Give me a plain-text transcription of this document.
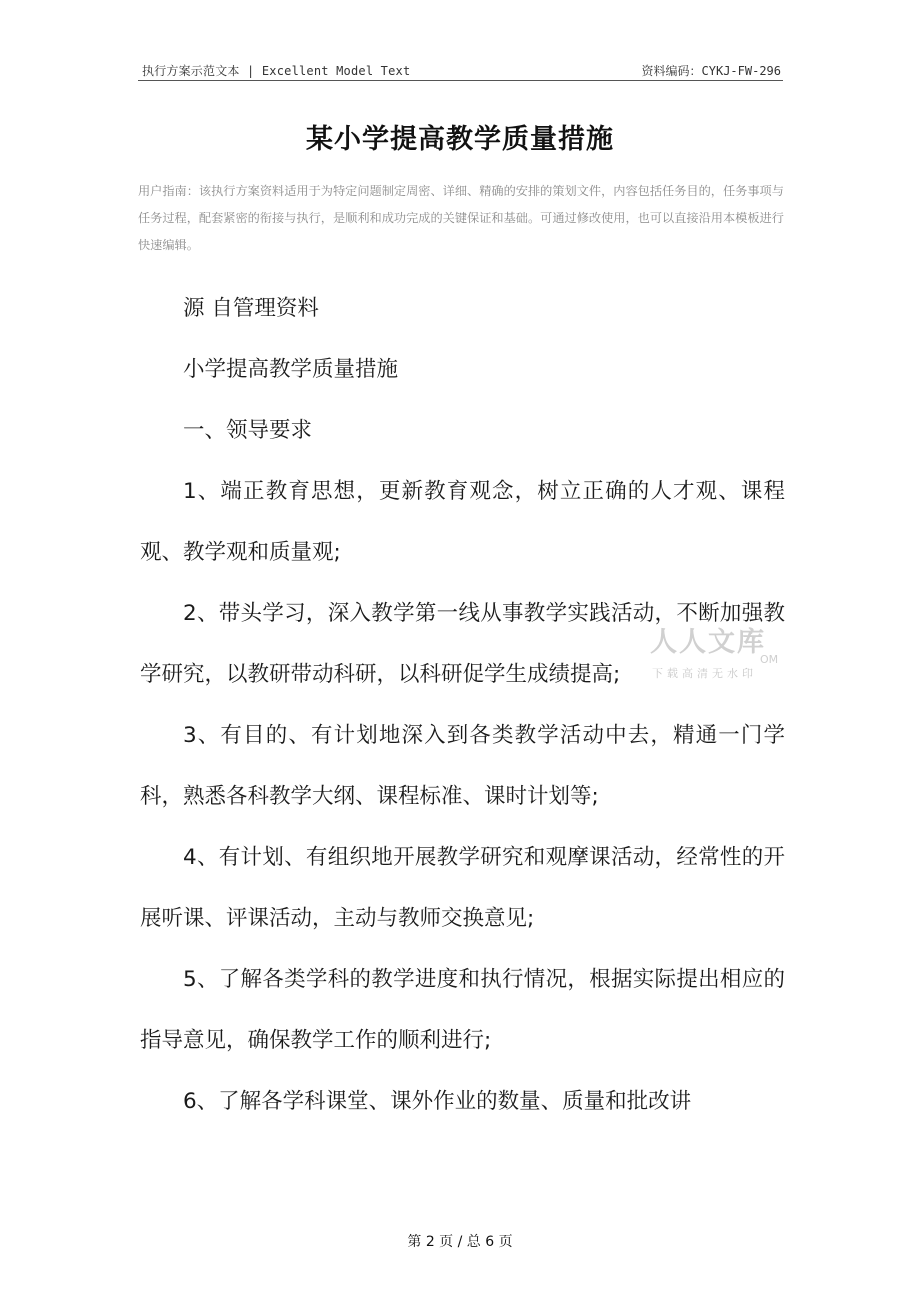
执行方案示范文本 | Excellent Model Text	资料编码：CYKJ-FW-296
某小学提高教学质量措施
用户指南：该执行方案资料适用于为特定问题制定周密、详细、精确的安排的策划文件，内容包括任务目的，任务事项与任务过程，配套紧密的衔接与执行，是顺利和成功完成的关键保证和基础。可通过修改使用，也可以直接沿用本模板进行快速编辑。

源 自管理资料

小学提高教学质量措施

一、领导要求

1、端正教育思想，更新教育观念，树立正确的人才观、课程观、教学观和质量观;

2、带头学习，深入教学第一线从事教学实践活动，不断加强教学研究，以教研带动科研，以科研促学生成绩提高;

3、有目的、有计划地深入到各类教学活动中去，精通一门学科，熟悉各科教学大纲、课程标准、课时计划等;

4、有计划、有组织地开展教学研究和观摩课活动，经常性的开展听课、评课活动，主动与教师交换意见;

5、了解各类学科的教学进度和执行情况，根据实际提出相应的指导意见，确保教学工作的顺利进行;

6、了解各学科课堂、课外作业的数量、质量和批改讲

人人文库
OM
下载高清无水印
第 2 页 / 总 6 页
